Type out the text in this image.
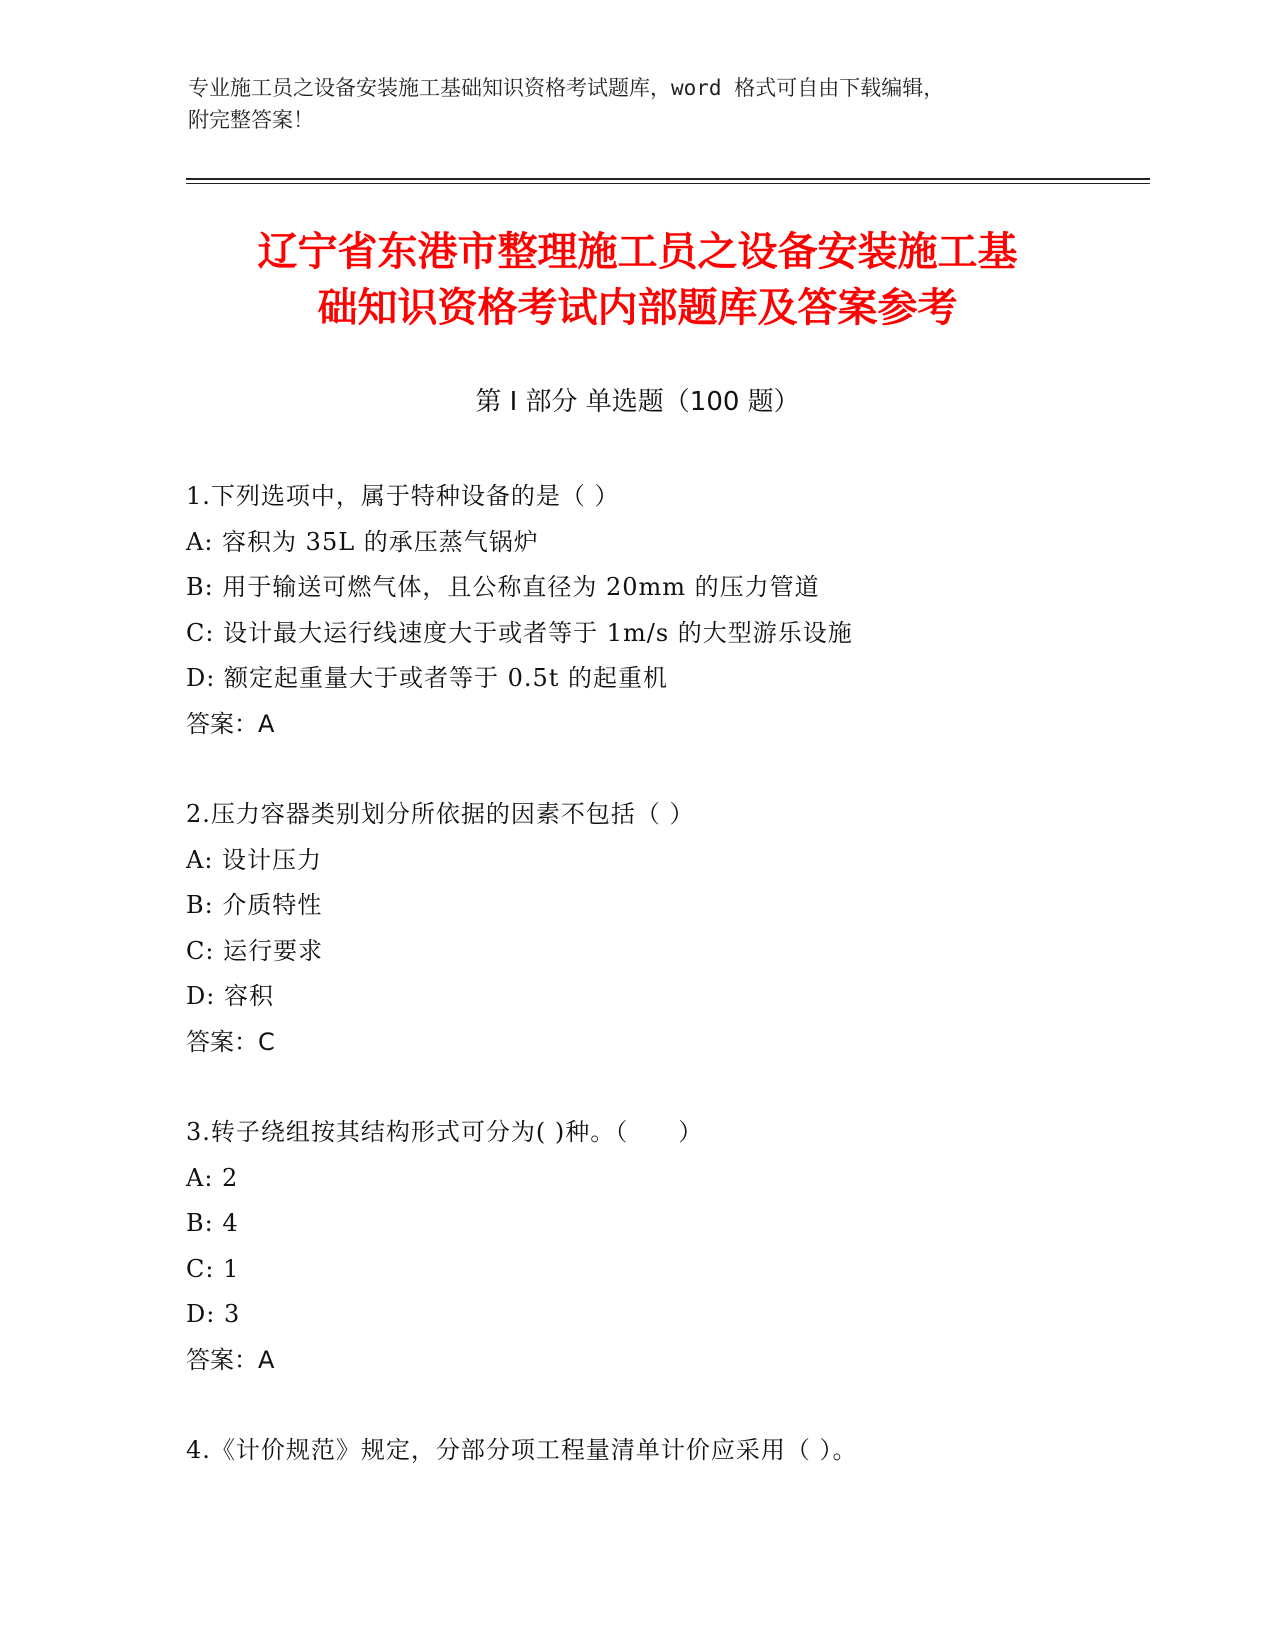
专业施工员之设备安装施工基础知识资格考试题库，word 格式可自由下载编辑，
附完整答案！
辽宁省东港市整理施工员之设备安装施工基
础知识资格考试内部题库及答案参考
第 I 部分 单选题（100 题）
1.下列选项中，属于特种设备的是（ ）
A: 容积为 35L 的承压蒸气锅炉
B: 用于输送可燃气体，且公称直径为 20mm 的压力管道
C: 设计最大运行线速度大于或者等于 1m/s 的大型游乐设施
D: 额定起重量大于或者等于 0.5t 的起重机
答案：A
2.压力容器类别划分所依据的因素不包括（ ）
A: 设计压力
B: 介质特性
C: 运行要求
D: 容积
答案：C
3.转子绕组按其结构形式可分为( )种。（　　）
A: 2
B: 4
C: 1
D: 3
答案：A
4.《计价规范》规定，分部分项工程量清单计价应采用（ ）。
